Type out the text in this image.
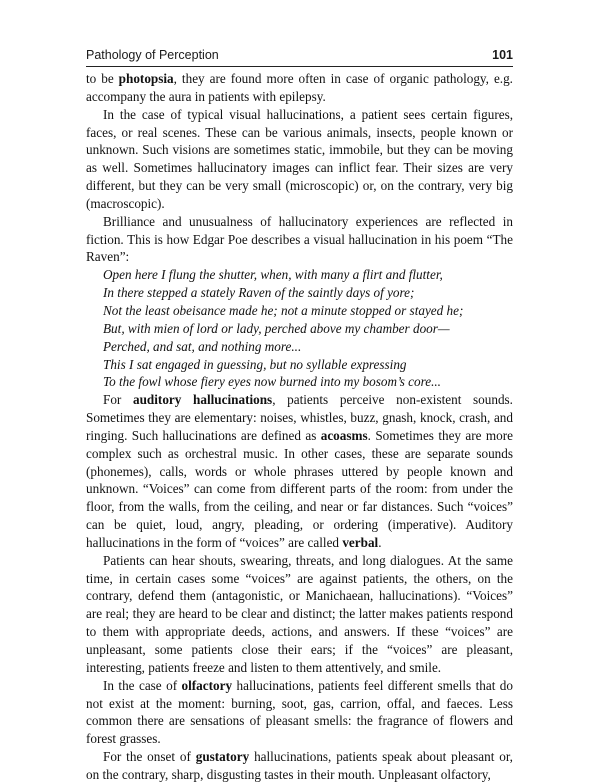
Pathology of Perception	101

to be photopsia, they are found more often in case of organic pathology, e.g. accompany the aura in patients with epilepsy.

In the case of typical visual hallucinations, a patient sees certain figures, faces, or real scenes. These can be various animals, insects, people known or unknown. Such visions are sometimes static, immobile, but they can be moving as well. Sometimes hallucinatory images can inflict fear. Their sizes are very different, but they can be very small (microscopic) or, on the contrary, very big (macroscopic).

Brilliance and unusualness of hallucinatory experiences are reflected in fiction. This is how Edgar Poe describes a visual hallucination in his poem “The Raven”:

Open here I flung the shutter, when, with many a flirt and flutter,
In there stepped a stately Raven of the saintly days of yore;
Not the least obeisance made he; not a minute stopped or stayed he;
But, with mien of lord or lady, perched above my chamber door—
Perched, and sat, and nothing more...
This I sat engaged in guessing, but no syllable expressing
To the fowl whose fiery eyes now burned into my bosom’s core...

For auditory hallucinations, patients perceive non-existent sounds. Sometimes they are elementary: noises, whistles, buzz, gnash, knock, crash, and ringing. Such hallucinations are defined as acoasms. Sometimes they are more complex such as orchestral music. In other cases, these are separate sounds (phonemes), calls, words or whole phrases uttered by people known and unknown. “Voices” can come from different parts of the room: from under the floor, from the walls, from the ceiling, and near or far distances. Such “voices” can be quiet, loud, angry, pleading, or ordering (imperative). Auditory hallucinations in the form of “voices” are called verbal.

Patients can hear shouts, swearing, threats, and long dialogues. At the same time, in certain cases some “voices” are against patients, the others, on the contrary, defend them (antagonistic, or Manichaean, hallucinations). “Voices” are real; they are heard to be clear and distinct; the latter makes patients respond to them with appropriate deeds, actions, and answers. If these “voices” are unpleasant, some patients close their ears; if the “voices” are pleasant, interesting, patients freeze and listen to them attentively, and smile.

In the case of olfactory hallucinations, patients feel different smells that do not exist at the moment: burning, soot, gas, carrion, offal, and faeces. Less common there are sensations of pleasant smells: the fragrance of flowers and forest grasses.

For the onset of gustatory hallucinations, patients speak about pleasant or, on the contrary, sharp, disgusting tastes in their mouth. Unpleasant olfactory,
